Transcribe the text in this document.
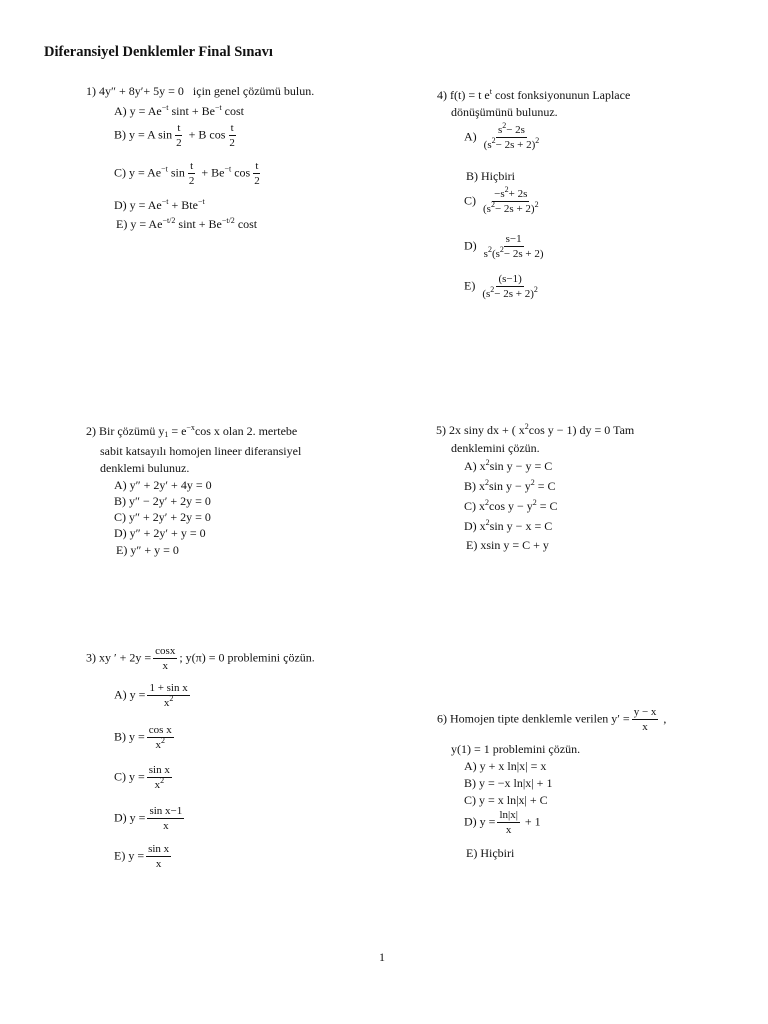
Diferansiyel Denklemler Final Sınavı
1) 4y″ + 8y′+ 5y = 0 için genel çözümü bulun.
A) $y = Ae^{-t}$ $\sin t + Be^{-t}$ cost
B) y = A $\sin \frac{t}{2} + B$ $\cos \frac{t}{2}$
C) $y = Ae^{-t}$ $\sin \frac{t}{2} + Be^{-t}$ $\cos \frac{t}{2}$
D) $y = Ae^{-t} + Bte^{-t}$
E) $y = Ae^{-t/2}$ $\sin t + Be^{-t/2}$ cost
4) f(t) = t $e^t$ cost fonksiyonunun Laplace
dönüşümünü bulunuz.
$A) \frac{s^2- 2s}{(s^2- 2s + 2)^2}$
B) Hiçbiri
$C) \frac{-s^2+ 2s}{(s^2- 2s + 2)^2}$
$D) \frac{s-1}{s^2(s^2- 2s + 2)}$
$E) \frac{(s-1)}{(s^2- 2s + 2)^2}$
2) Bir çözümü $y_1 = e^{-x}\cos$ x olan 2. mertebe
sabit katsayılı homojen lineer diferansiyel
denklemi bulunuz.
A) y″ + 2y′ + 4y = 0
B) y″ − 2y′ + 2y = 0
C) y″ + 2y′ + 2y = 0
D) y″ + 2y′ + y = 0
E) y″ + y = 0
5) 2x siny dx + ( $x^2\cos$ y − 1) dy = 0 Tam
denklemini çözün.
A) $x^2\sin$ y − y = C
B) $x^2\sin$ $y - y^2 = C$
C) $x^2\cos$ $y - y^2 = C$
D) $x^2\sin$ y − x = C
E) xsin y = C + y
3) xy ′ + $2y = \frac{\cos x}{x}$ ; y(π) = 0 problemini çözün.
A) $y = \frac{\text{1 + sin x}}{x^2}$
B) $y = \frac{\text{cos x}}{x^2}$
C) $y = \frac{\text{sin x}}{x^2}$
D) $y = \frac{\text{sin x−1}}{x}$
E) $y = \frac{\text{sin x}}{x}$
6) Homojen tipte denklemle verilen $y' = \frac{y - x}{x}$ ,
y(1) = 1 problemini çözün.
A) y + x ln|x| = x
B) y = −x ln|x| + 1
C) y = x ln|x| + C
D) $y = \frac{\ln|x|}{x} + 1$
E) Hiçbiri
1
